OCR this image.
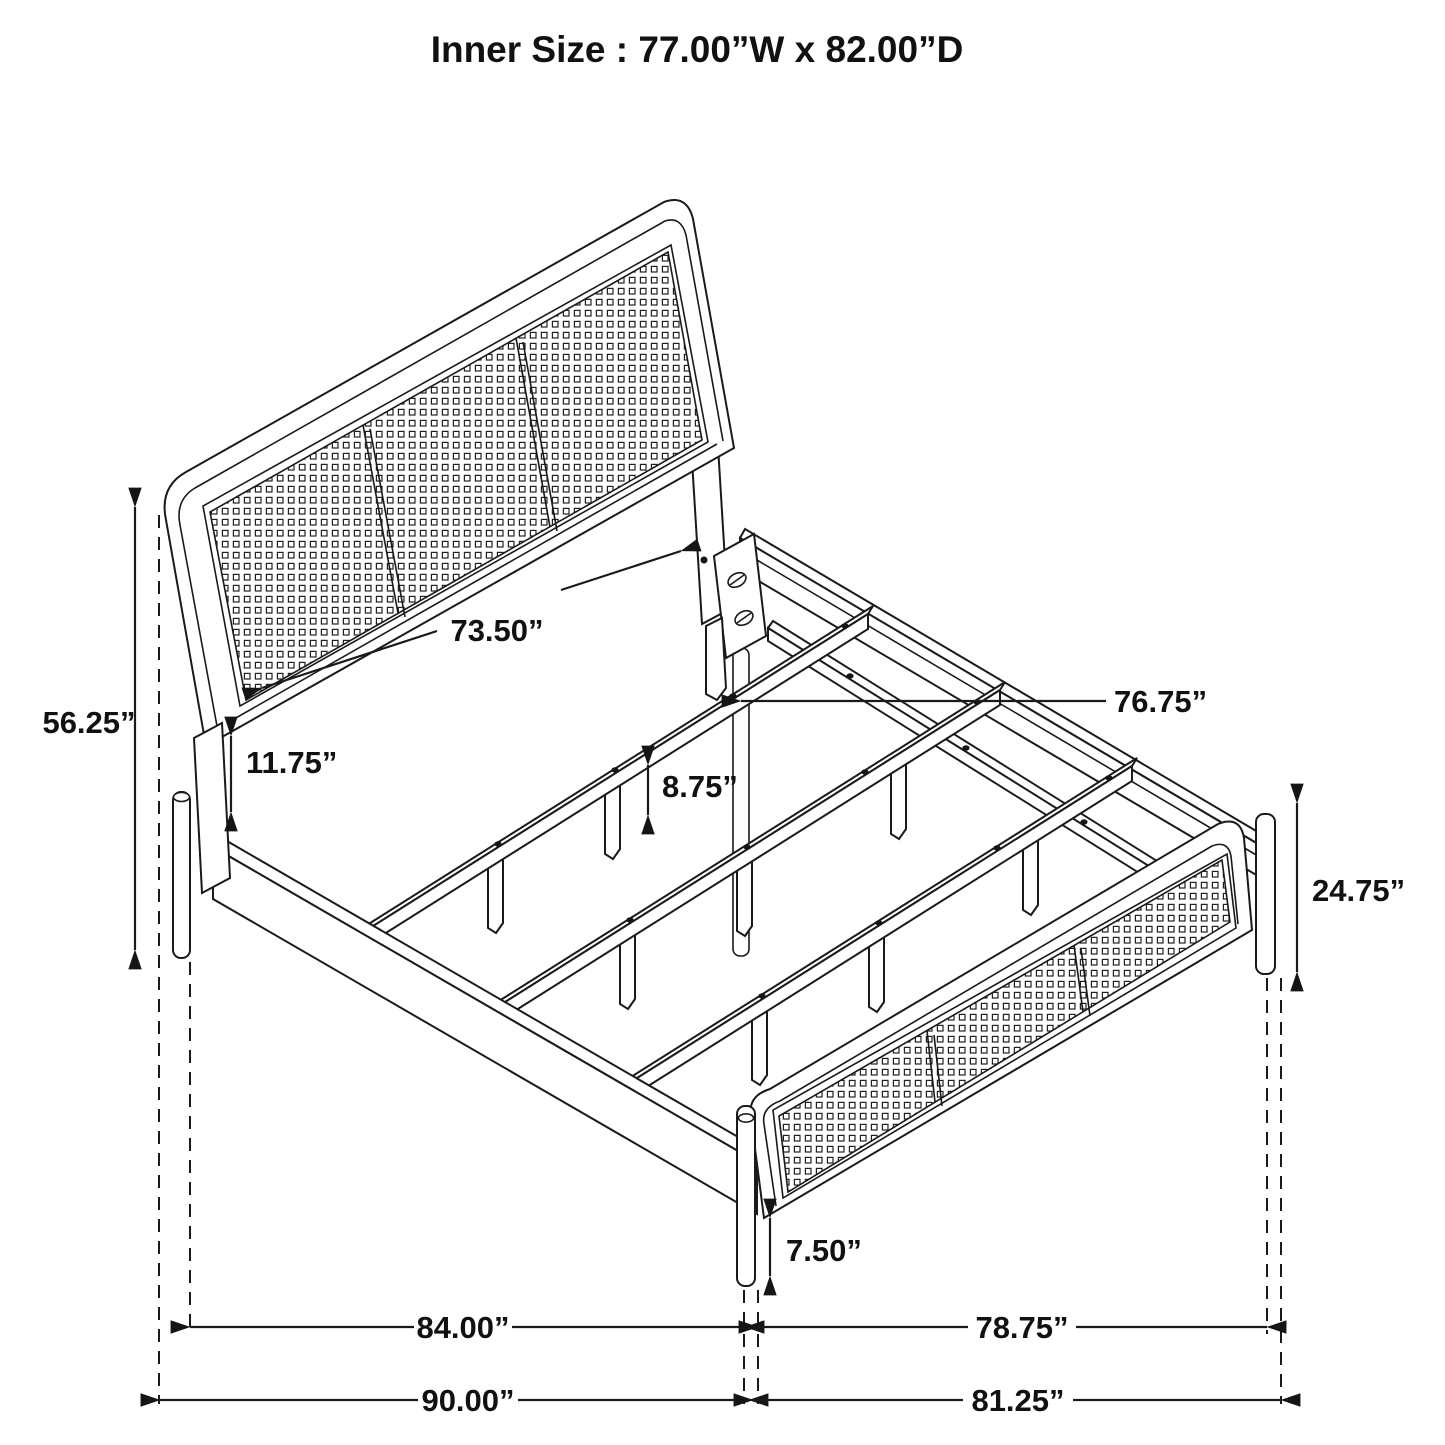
Inner Size : 77.00”W x 82.00”D
56.25”
11.75”
8.75”
24.75”
7.50”
73.50”
76.75”
84.00”	78.75”
90.00”	81.25”
